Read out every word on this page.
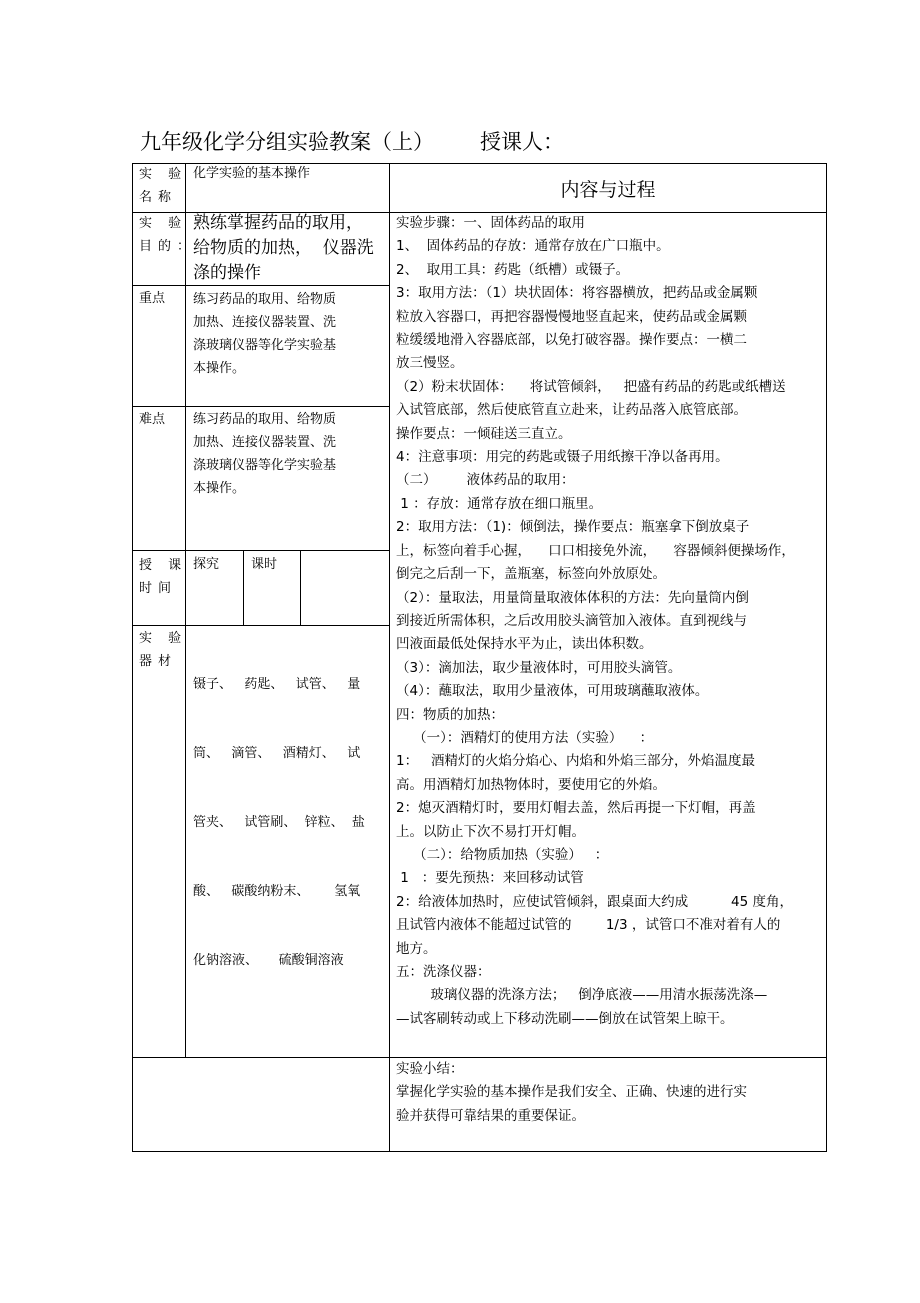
九年级化学分组实验教案（上） 授课人：
实 验
名称
化学实验的基本操作
实 验
目的：
熟练掌握药品的取用，
给物质的加热，  仪器洗
涤的操作
重点 练习药品的取用、给物质
加热、连接仪器装置、洗
涤玻璃仪器等化学实验基
本操作。
难点 练习药品的取用、给物质
加热、连接仪器装置、洗
涤玻璃仪器等化学实验基
本操作。
授 课
时间
探究 课时
实 验
器材

镊子、   药匙、   试管、   量

筒、   滴管、   酒精灯、   试

管夹、   试管刷、  锌粒、  盐

酸、   碳酸纳粉末、      氢氧

化钠溶液、     硫酸铜溶液

内容与过程
实验步骤：一、固体药品的取用
1、  固体药品的存放：通常存放在广口瓶中。
2、  取用工具：药匙（纸槽）或镊子。
3：取用方法：（1）块状固体：将容器横放，把药品或金属颗
粒放入容器口，再把容器慢慢地竖直起来，使药品或金属颗
粒缓缓地滑入容器底部，以免打破容器。操作要点：一横二
放三慢竖。
（2）粉末状固体：    将试管倾斜，   把盛有药品的药匙或纸槽送
入试管底部，然后使底管直立赴来，让药品落入底管底部。
操作要点：一倾硅送三直立。
4：注意事项：用完的药匙或镊子用纸擦干净以备再用。
（二）       液体药品的取用：
1 ：存放：通常存放在细口瓶里。
2：取用方法：（1)：倾倒法，操作要点：瓶塞拿下倒放桌子
上，标签向着手心握，    口口相接免外流，    容器倾斜便操场作，
倒完之后刮一下，盖瓶塞，标签向外放原处。
（2）：量取法，用量筒量取液体体积的方法：先向量筒内倒
到接近所需体积，之后改用胶头滴管加入液体。直到视线与
凹液面最低处保持水平为止，读出体积数。
（3）：滴加法，取少量液体时，可用胶头滴管。
（4）：蘸取法，取用少量液体，可用玻璃蘸取液体。
四：物质的加热：
（一）：酒精灯的使用方法（实验）    ：
1：   酒精灯的火焰分焰心、内焰和外焰三部分，外焰温度最
高。用酒精灯加热物体时，要使用它的外焰。
2：熄灭酒精灯时，要用灯帽去盖，然后再提一下灯帽，再盖
上。以防止下次不易打开灯帽。
（二）：给物质加热（实验）   ：
1   ：要先预热：来回移动试管
2：给液体加热时，应使试管倾斜，跟桌面大约成          45 度角，
且试管内液体不能超过试管的        1/3 ，试管口不准对着有人的
地方。
五：洗涤仪器：
玻璃仪器的洗涤方法；   倒净底液——用清水振荡洗涤—
—试客刷转动或上下移动洗刷——倒放在试管架上晾干。
实验小结：
掌握化学实验的基本操作是我们安全、正确、快速的进行实
验并获得可靠结果的重要保证。
